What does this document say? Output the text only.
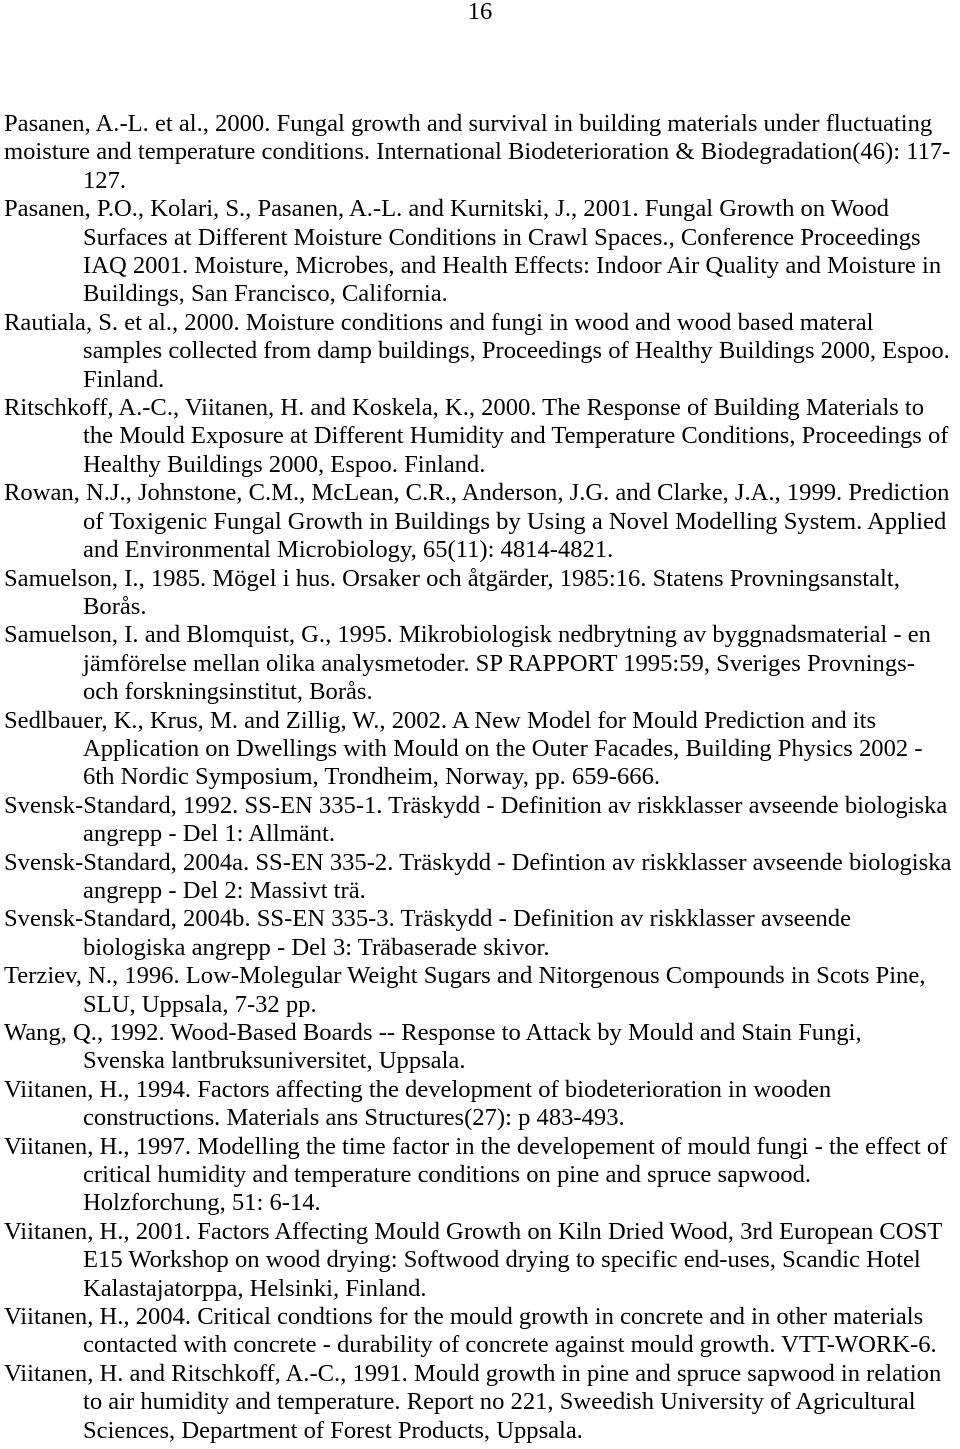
16
Pasanen, A.-L. et al., 2000. Fungal growth and survival in building materials under fluctuating
moisture and temperature conditions. International Biodeterioration & Biodegradation(46): 117-
127.
Pasanen, P.O., Kolari, S., Pasanen, A.-L. and Kurnitski, J., 2001. Fungal Growth on Wood
Surfaces at Different Moisture Conditions in Crawl Spaces., Conference Proceedings
IAQ 2001. Moisture, Microbes, and Health Effects: Indoor Air Quality and Moisture in
Buildings, San Francisco, California.
Rautiala, S. et al., 2000. Moisture conditions and fungi in wood and wood based materal
samples collected from damp buildings, Proceedings of Healthy Buildings 2000, Espoo.
Finland.
Ritschkoff, A.-C., Viitanen, H. and Koskela, K., 2000. The Response of Building Materials to
the Mould Exposure at Different Humidity and Temperature Conditions, Proceedings of
Healthy Buildings 2000, Espoo. Finland.
Rowan, N.J., Johnstone, C.M., McLean, C.R., Anderson, J.G. and Clarke, J.A., 1999. Prediction
of Toxigenic Fungal Growth in Buildings by Using a Novel Modelling System. Applied
and Environmental Microbiology, 65(11): 4814-4821.
Samuelson, I., 1985. Mögel i hus. Orsaker och åtgärder, 1985:16. Statens Provningsanstalt,
Borås.
Samuelson, I. and Blomquist, G., 1995. Mikrobiologisk nedbrytning av byggnadsmaterial - en
jämförelse mellan olika analysmetoder. SP RAPPORT 1995:59, Sveriges Provnings-
och forskningsinstitut, Borås.
Sedlbauer, K., Krus, M. and Zillig, W., 2002. A New Model for Mould Prediction and its
Application on Dwellings with Mould on the Outer Facades, Building Physics 2002 -
6th Nordic Symposium, Trondheim, Norway, pp. 659-666.
Svensk-Standard, 1992. SS-EN 335-1. Träskydd - Definition av riskklasser avseende biologiska
angrepp - Del 1: Allmänt.
Svensk-Standard, 2004a. SS-EN 335-2. Träskydd - Defintion av riskklasser avseende biologiska
angrepp - Del 2: Massivt trä.
Svensk-Standard, 2004b. SS-EN 335-3. Träskydd - Definition av riskklasser avseende
biologiska angrepp - Del 3: Träbaserade skivor.
Terziev, N., 1996. Low-Molegular Weight Sugars and Nitorgenous Compounds in Scots Pine,
SLU, Uppsala, 7-32 pp.
Wang, Q., 1992. Wood-Based Boards -- Response to Attack by Mould and Stain Fungi,
Svenska lantbruksuniversitet, Uppsala.
Viitanen, H., 1994. Factors affecting the development of biodeterioration in wooden
constructions. Materials ans Structures(27): p 483-493.
Viitanen, H., 1997. Modelling the time factor in the developement of mould fungi - the effect of
critical humidity and temperature conditions on pine and spruce sapwood.
Holzforchung, 51: 6-14.
Viitanen, H., 2001. Factors Affecting Mould Growth on Kiln Dried Wood, 3rd European COST
E15 Workshop on wood drying: Softwood drying to specific end-uses, Scandic Hotel
Kalastajatorppa, Helsinki, Finland.
Viitanen, H., 2004. Critical condtions for the mould growth in concrete and in other materials
contacted with concrete - durability of concrete against mould growth. VTT-WORK-6.
Viitanen, H. and Ritschkoff, A.-C., 1991. Mould growth in pine and spruce sapwood in relation
to air humidity and temperature. Report no 221, Sweedish University of Agricultural
Sciences, Department of Forest Products, Uppsala.
